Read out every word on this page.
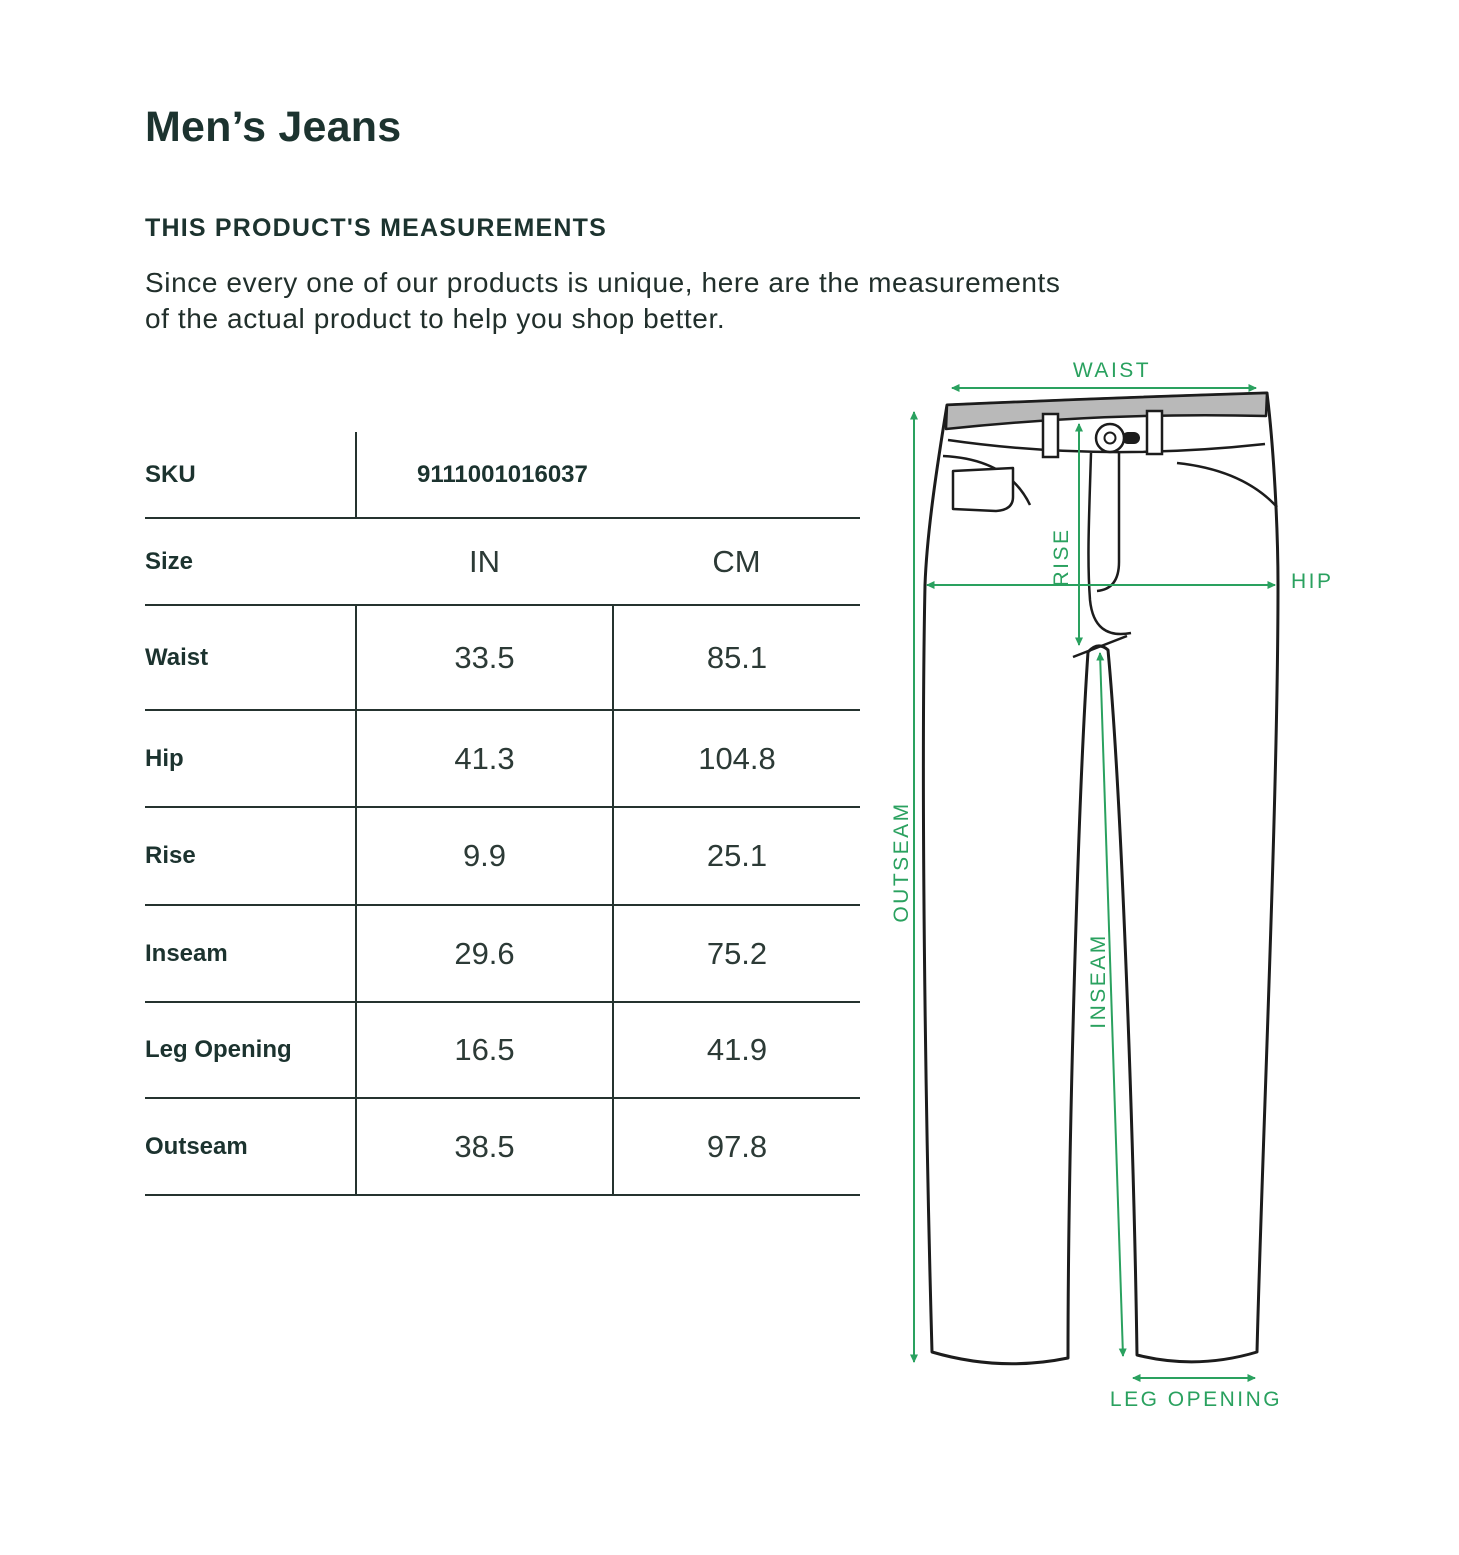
Men’s Jeans
THIS PRODUCT'S MEASUREMENTS

Since every one of our products is unique, here are the measurements
of the actual product to help you shop better.

SKU	9111001016037	
Size	IN	CM
Waist	33.5	85.1
Hip	41.3	104.8
Rise	9.9	25.1
Inseam	29.6	75.2
Leg Opening	16.5	41.9
Outseam	38.5	97.8
WAIST
HIP
RISE
OUTSEAM
INSEAM
LEG OPENING
